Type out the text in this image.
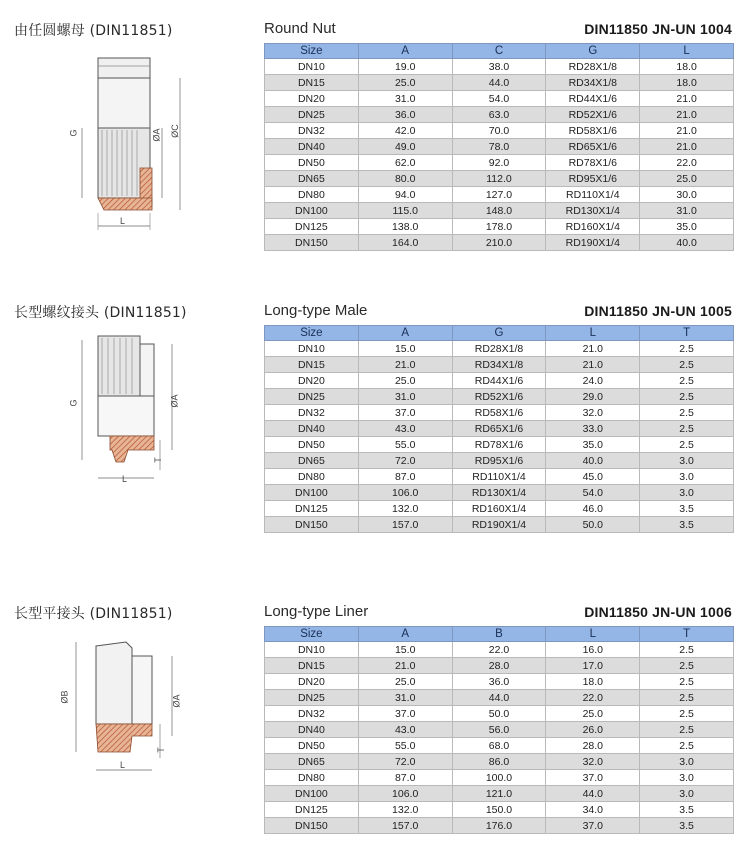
由任圆螺母 (DIN11851)
G	ØA ØC
L
Round Nut	DIN11850 JN-UN 1004
Size	A	C	G	L
DN10	19.0	38.0	RD28X1/8	18.0
DN15	25.0	44.0	RD34X1/8	18.0
DN20	31.0	54.0	RD44X1/6	21.0
DN25	36.0	63.0	RD52X1/6	21.0
DN32	42.0	70.0	RD58X1/6	21.0
DN40	49.0	78.0	RD65X1/6	21.0
DN50	62.0	92.0	RD78X1/6	22.0
DN65	80.0	112.0	RD95X1/6	25.0
DN80	94.0	127.0	RD110X1/4	30.0
DN100	115.0	148.0	RD130X1/4	31.0
DN125	138.0	178.0	RD160X1/4	35.0
DN150	164.0	210.0	RD190X1/4	40.0
长型螺纹接头 (DIN11851)
G	ØA
T
L
Long-type Male	DIN11850 JN-UN 1005
Size	A	G	L	T
DN10	15.0	RD28X1/8	21.0	2.5
DN15	21.0	RD34X1/8	21.0	2.5
DN20	25.0	RD44X1/6	24.0	2.5
DN25	31.0	RD52X1/6	29.0	2.5
DN32	37.0	RD58X1/6	32.0	2.5
DN40	43.0	RD65X1/6	33.0	2.5
DN50	55.0	RD78X1/6	35.0	2.5
DN65	72.0	RD95X1/6	40.0	3.0
DN80	87.0	RD110X1/4	45.0	3.0
DN100	106.0	RD130X1/4	54.0	3.0
DN125	132.0	RD160X1/4	46.0	3.5
DN150	157.0	RD190X1/4	50.0	3.5
长型平接头 (DIN11851)
ØB	ØA
T
L
Long-type Liner	DIN11850 JN-UN 1006
Size	A	B	L	T
DN10	15.0	22.0	16.0	2.5
DN15	21.0	28.0	17.0	2.5
DN20	25.0	36.0	18.0	2.5
DN25	31.0	44.0	22.0	2.5
DN32	37.0	50.0	25.0	2.5
DN40	43.0	56.0	26.0	2.5
DN50	55.0	68.0	28.0	2.5
DN65	72.0	86.0	32.0	3.0
DN80	87.0	100.0	37.0	3.0
DN100	106.0	121.0	44.0	3.0
DN125	132.0	150.0	34.0	3.5
DN150	157.0	176.0	37.0	3.5
